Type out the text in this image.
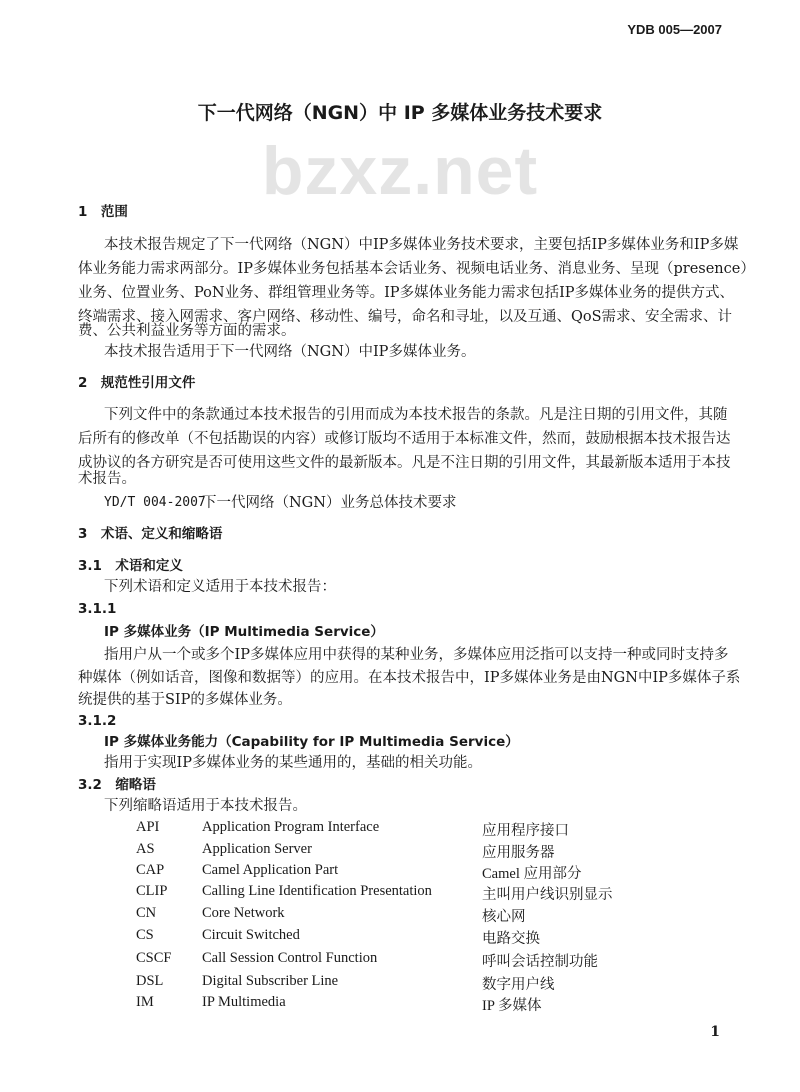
YDB 005—2007
下一代网络（NGN）中 IP 多媒体业务技术要求
bzxz.net
1　范围
本技术报告规定了下一代网络（NGN）中IP多媒体业务技术要求，主要包括IP多媒体业务和IP多媒
体业务能力需求两部分。IP多媒体业务包括基本会话业务、视频电话业务、消息业务、呈现（presence）
业务、位置业务、PoN业务、群组管理业务等。IP多媒体业务能力需求包括IP多媒体业务的提供方式、
终端需求、接入网需求、客户网络、移动性、编号，命名和寻址，以及互通、QoS需求、安全需求、计
费、公共利益业务等方面的需求。
本技术报告适用于下一代网络（NGN）中IP多媒体业务。
2　规范性引用文件
下列文件中的条款通过本技术报告的引用而成为本技术报告的条款。凡是注日期的引用文件，其随
后所有的修改单（不包括勘误的内容）或修订版均不适用于本标准文件，然而，鼓励根据本技术报告达
成协议的各方研究是否可使用这些文件的最新版本。凡是不注日期的引用文件，其最新版本适用于本技
术报告。
YD/T 004-2007
下一代网络（NGN）业务总体技术要求
3　术语、定义和缩略语
3.1　术语和定义
下列术语和定义适用于本技术报告：
3.1.1
IP 多媒体业务（IP Multimedia Service）
指用户从一个或多个IP多媒体应用中获得的某种业务，多媒体应用泛指可以支持一种或同时支持多
种媒体（例如话音，图像和数据等）的应用。在本技术报告中，IP多媒体业务是由NGN中IP多媒体子系
统提供的基于SIP的多媒体业务。
3.1.2
IP 多媒体业务能力（Capability for IP Multimedia Service）
指用于实现IP多媒体业务的某些通用的，基础的相关功能。
3.2　缩略语
下列缩略语适用于本技术报告。
API	Application Program Interface	应用程序接口
AS	Application Server	应用服务器
CAP	Camel Application Part	Camel 应用部分
CLIP Calling Line Identification Presentation	主叫用户线识别显示
CN	Core Network	核心网
CS	Circuit Switched	电路交换
CSCF Call Session Control Function	呼叫会话控制功能
DSL	Digital Subscriber Line	数字用户线
IM	IP Multimedia	IP 多媒体
1
